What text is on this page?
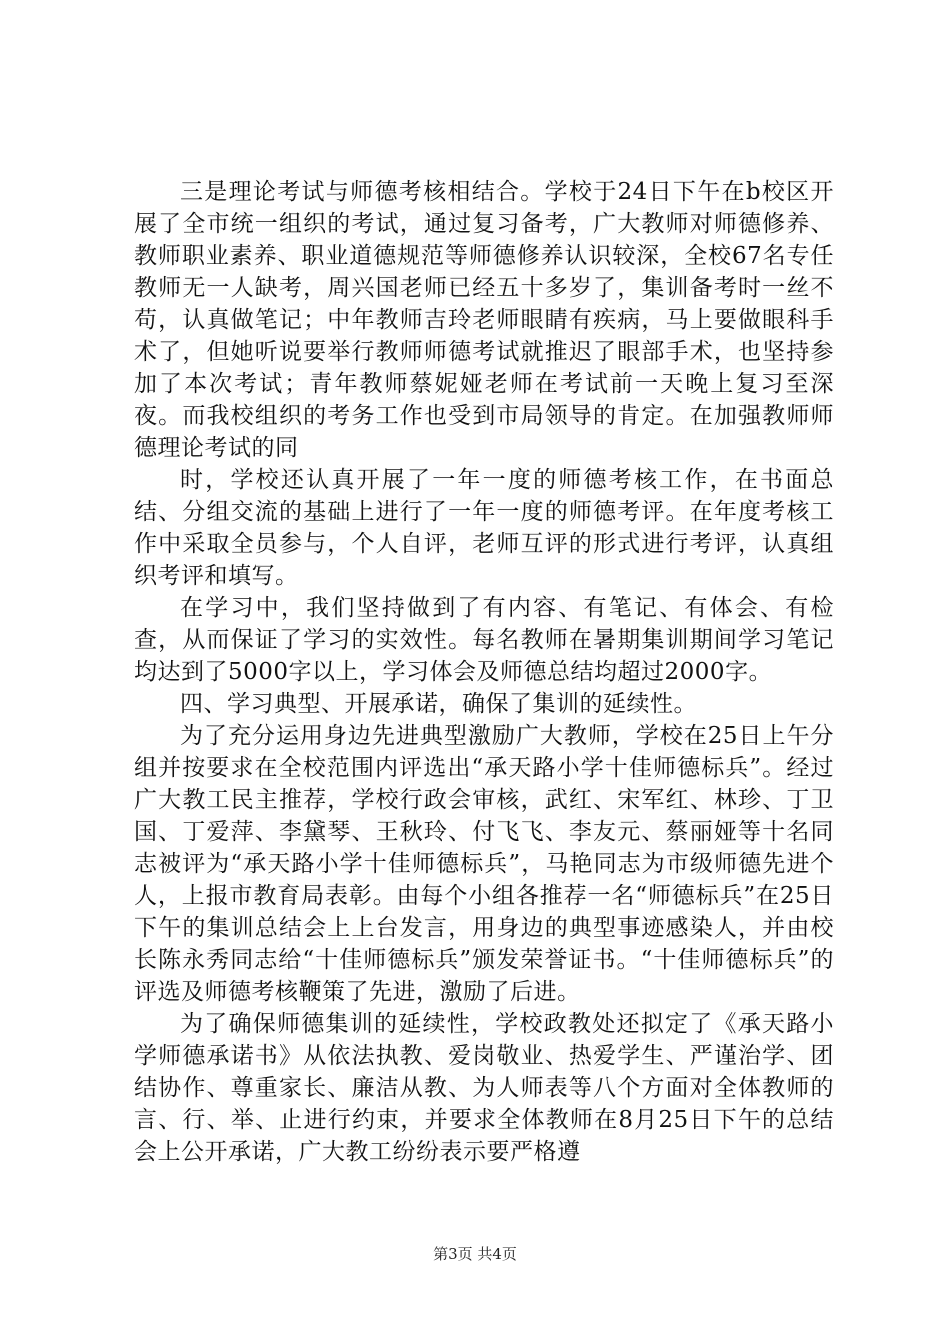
三是理论考试与师德考核相结合。学校于24日下午在b校区开展了全市统一组织的考试，通过复习备考，广大教师对师德修养、教师职业素养、职业道德规范等师德修养认识较深，全校67名专任教师无一人缺考，周兴国老师已经五十多岁了，集训备考时一丝不苟，认真做笔记；中年教师吉玲老师眼睛有疾病，马上要做眼科手术了，但她听说要举行教师师德考试就推迟了眼部手术，也坚持参加了本次考试；青年教师蔡妮娅老师在考试前一天晚上复习至深夜。而我校组织的考务工作也受到市局领导的肯定。在加强教师师德理论考试的同

时，学校还认真开展了一年一度的师德考核工作，在书面总结、分组交流的基础上进行了一年一度的师德考评。在年度考核工作中采取全员参与，个人自评，老师互评的形式进行考评，认真组织考评和填写。

在学习中，我们坚持做到了有内容、有笔记、有体会、有检查，从而保证了学习的实效性。每名教师在暑期集训期间学习笔记均达到了5000字以上，学习体会及师德总结均超过2000字。

四、学习典型、开展承诺，确保了集训的延续性。

为了充分运用身边先进典型激励广大教师，学校在25日上午分组并按要求在全校范围内评选出“承天路小学十佳师德标兵”。经过广大教工民主推荐，学校行政会审核，武红、宋军红、林珍、丁卫国、丁爱萍、李黛琴、王秋玲、付飞飞、李友元、蔡丽娅等十名同志被评为“承天路小学十佳师德标兵”，马艳同志为市级师德先进个人，上报市教育局表彰。由每个小组各推荐一名“师德标兵”在25日下午的集训总结会上上台发言，用身边的典型事迹感染人，并由校长陈永秀同志给“十佳师德标兵”颁发荣誉证书。“十佳师德标兵”的评选及师德考核鞭策了先进，激励了后进。

为了确保师德集训的延续性，学校政教处还拟定了《承天路小学师德承诺书》从依法执教、爱岗敬业、热爱学生、严谨治学、团结协作、尊重家长、廉洁从教、为人师表等八个方面对全体教师的言、行、举、止进行约束，并要求全体教师在8月25日下午的总结会上公开承诺，广大教工纷纷表示要严格遵

第3页 共4页
